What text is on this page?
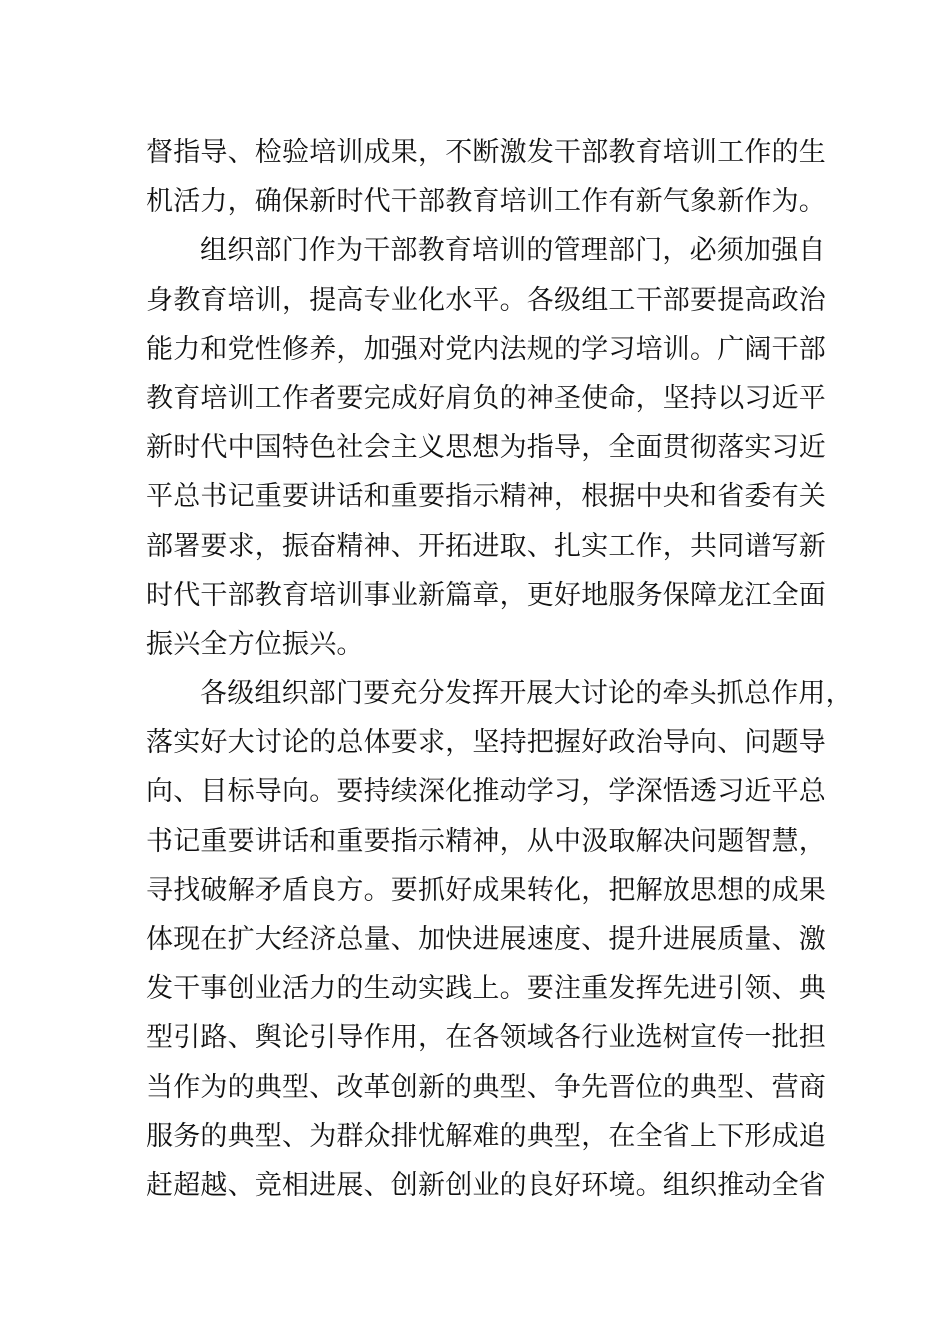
督指导、检验培训成果，不断激发干部教育培训工作的生
机活力，确保新时代干部教育培训工作有新气象新作为。
组织部门作为干部教育培训的管理部门，必须加强自
身教育培训，提高专业化水平。各级组工干部要提高政治
能力和党性修养，加强对党内法规的学习培训。广阔干部
教育培训工作者要完成好肩负的神圣使命，坚持以习近平
新时代中国特色社会主义思想为指导，全面贯彻落实习近
平总书记重要讲话和重要指示精神，根据中央和省委有关
部署要求，振奋精神、开拓进取、扎实工作，共同谱写新
时代干部教育培训事业新篇章，更好地服务保障龙江全面
振兴全方位振兴。
各级组织部门要充分发挥开展大讨论的牵头抓总作用，
落实好大讨论的总体要求，坚持把握好政治导向、问题导
向、目标导向。要持续深化推动学习，学深悟透习近平总
书记重要讲话和重要指示精神，从中汲取解决问题智慧，
寻找破解矛盾良方。要抓好成果转化，把解放思想的成果
体现在扩大经济总量、加快进展速度、提升进展质量、激
发干事创业活力的生动实践上。要注重发挥先进引领、典
型引路、舆论引导作用，在各领域各行业选树宣传一批担
当作为的典型、改革创新的典型、争先晋位的典型、营商
服务的典型、为群众排忧解难的典型，在全省上下形成追
赶超越、竞相进展、创新创业的良好环境。组织推动全省
